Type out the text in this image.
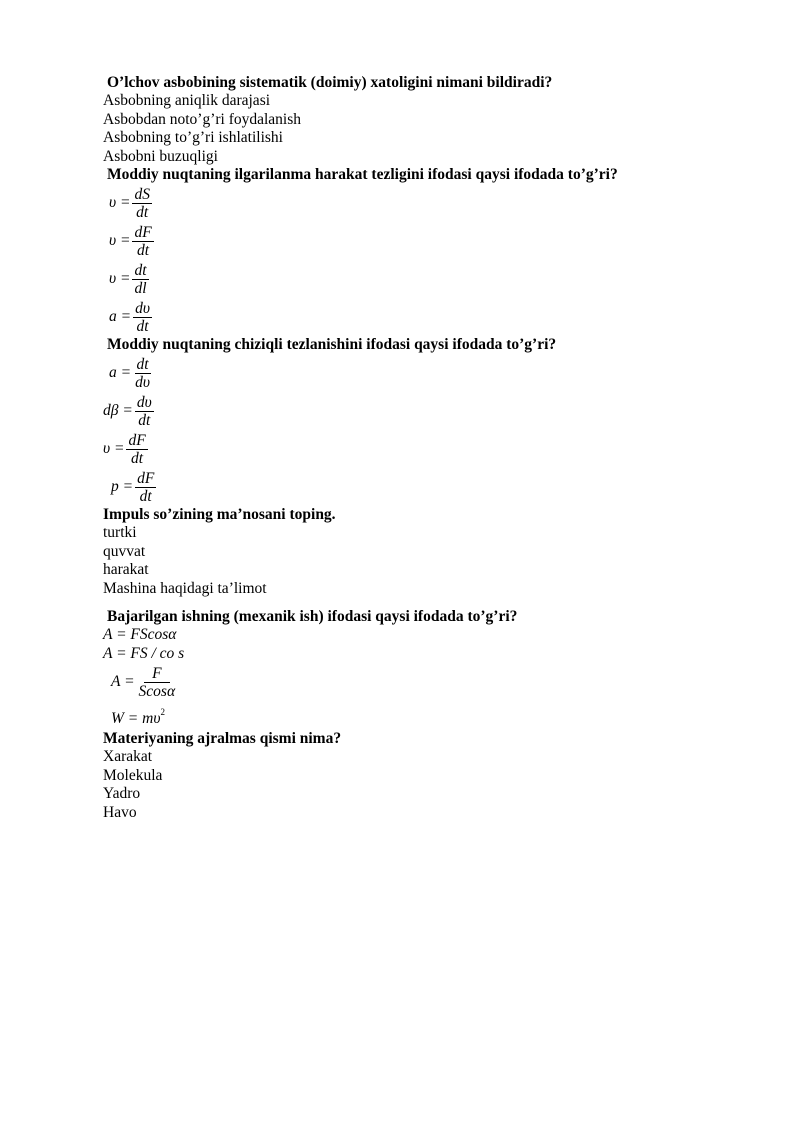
O’lchov asbobining sistematik (doimiy) xatoligini nimani bildiradi?
Asbobning aniqlik darajasi
Asbobdan noto’g’ri foydalanish
Asbobning to’g’ri ishlatilishi
Asbobni buzuqligi
Moddiy nuqtaning ilgarilanma harakat tezligini ifodasi qaysi ifodada to’g’ri?
$\upsilon = \frac{dS}{dt}$
$\upsilon = \frac{dF}{dt}$
$\upsilon = \frac{dt}{dl}$
$a = \frac{d\upsilon}{dt}$
Moddiy nuqtaning chiziqli tezlanishini ifodasi qaysi ifodada to’g’ri?
$a = \frac{dt}{d\upsilon}$
$d\beta = \frac{d\upsilon}{dt}$
$\upsilon = \frac{dF}{dt}$
$p = \frac{dF}{dt}$
Impuls so’zining ma’nosani toping.
turtki
quvvat
harakat
Mashina haqidagi ta’limot
Bajarilgan ishning (mexanik ish) ifodasi qaysi ifodada to’g’ri?
A = FScosα
A = FS / co s
$A = \frac{F}{Scos\alpha}$
$W = m\upsilon^2$
Materiyaning ajralmas qismi nima?
Xarakat
Molekula
Yadro
Havo
